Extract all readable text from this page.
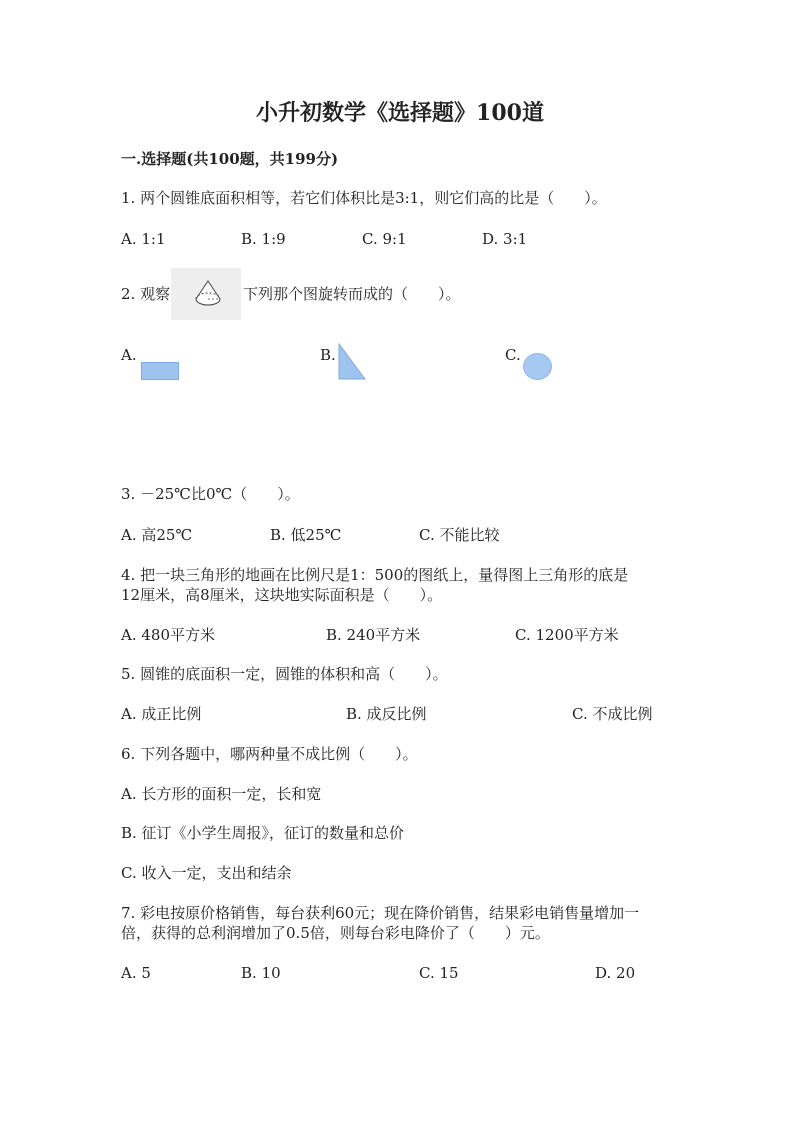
小升初数学《选择题》100道
一.选择题(共100题，共199分)
1. 两个圆锥底面积相等，若它们体积比是3:1，则它们高的比是（　　）。
A. 1:1	B. 1:9	C. 9:1	D. 3:1
2. 观察	下列那个图旋转而成的（　　）。
A.	B.	C.
3. －25℃比0℃（　　）。
A. 高25℃	B. 低25℃	C. 不能比较
4. 把一块三角形的地画在比例尺是1：500的图纸上，量得图上三角形的底是
12厘米，高8厘米，这块地实际面积是（　　）。
A. 480平方米	B. 240平方米	C. 1200平方米
5. 圆锥的底面积一定，圆锥的体积和高（　　）。
A. 成正比例	B. 成反比例	C. 不成比例
6. 下列各题中，哪两种量不成比例（　　）。
A. 长方形的面积一定，长和宽
B. 征订《小学生周报》，征订的数量和总价
C. 收入一定，支出和结余
7. 彩电按原价格销售，每台获利60元；现在降价销售，结果彩电销售量增加一
倍，获得的总利润增加了0.5倍，则每台彩电降价了（　　）元。
A. 5	B. 10	C. 15	D. 20
